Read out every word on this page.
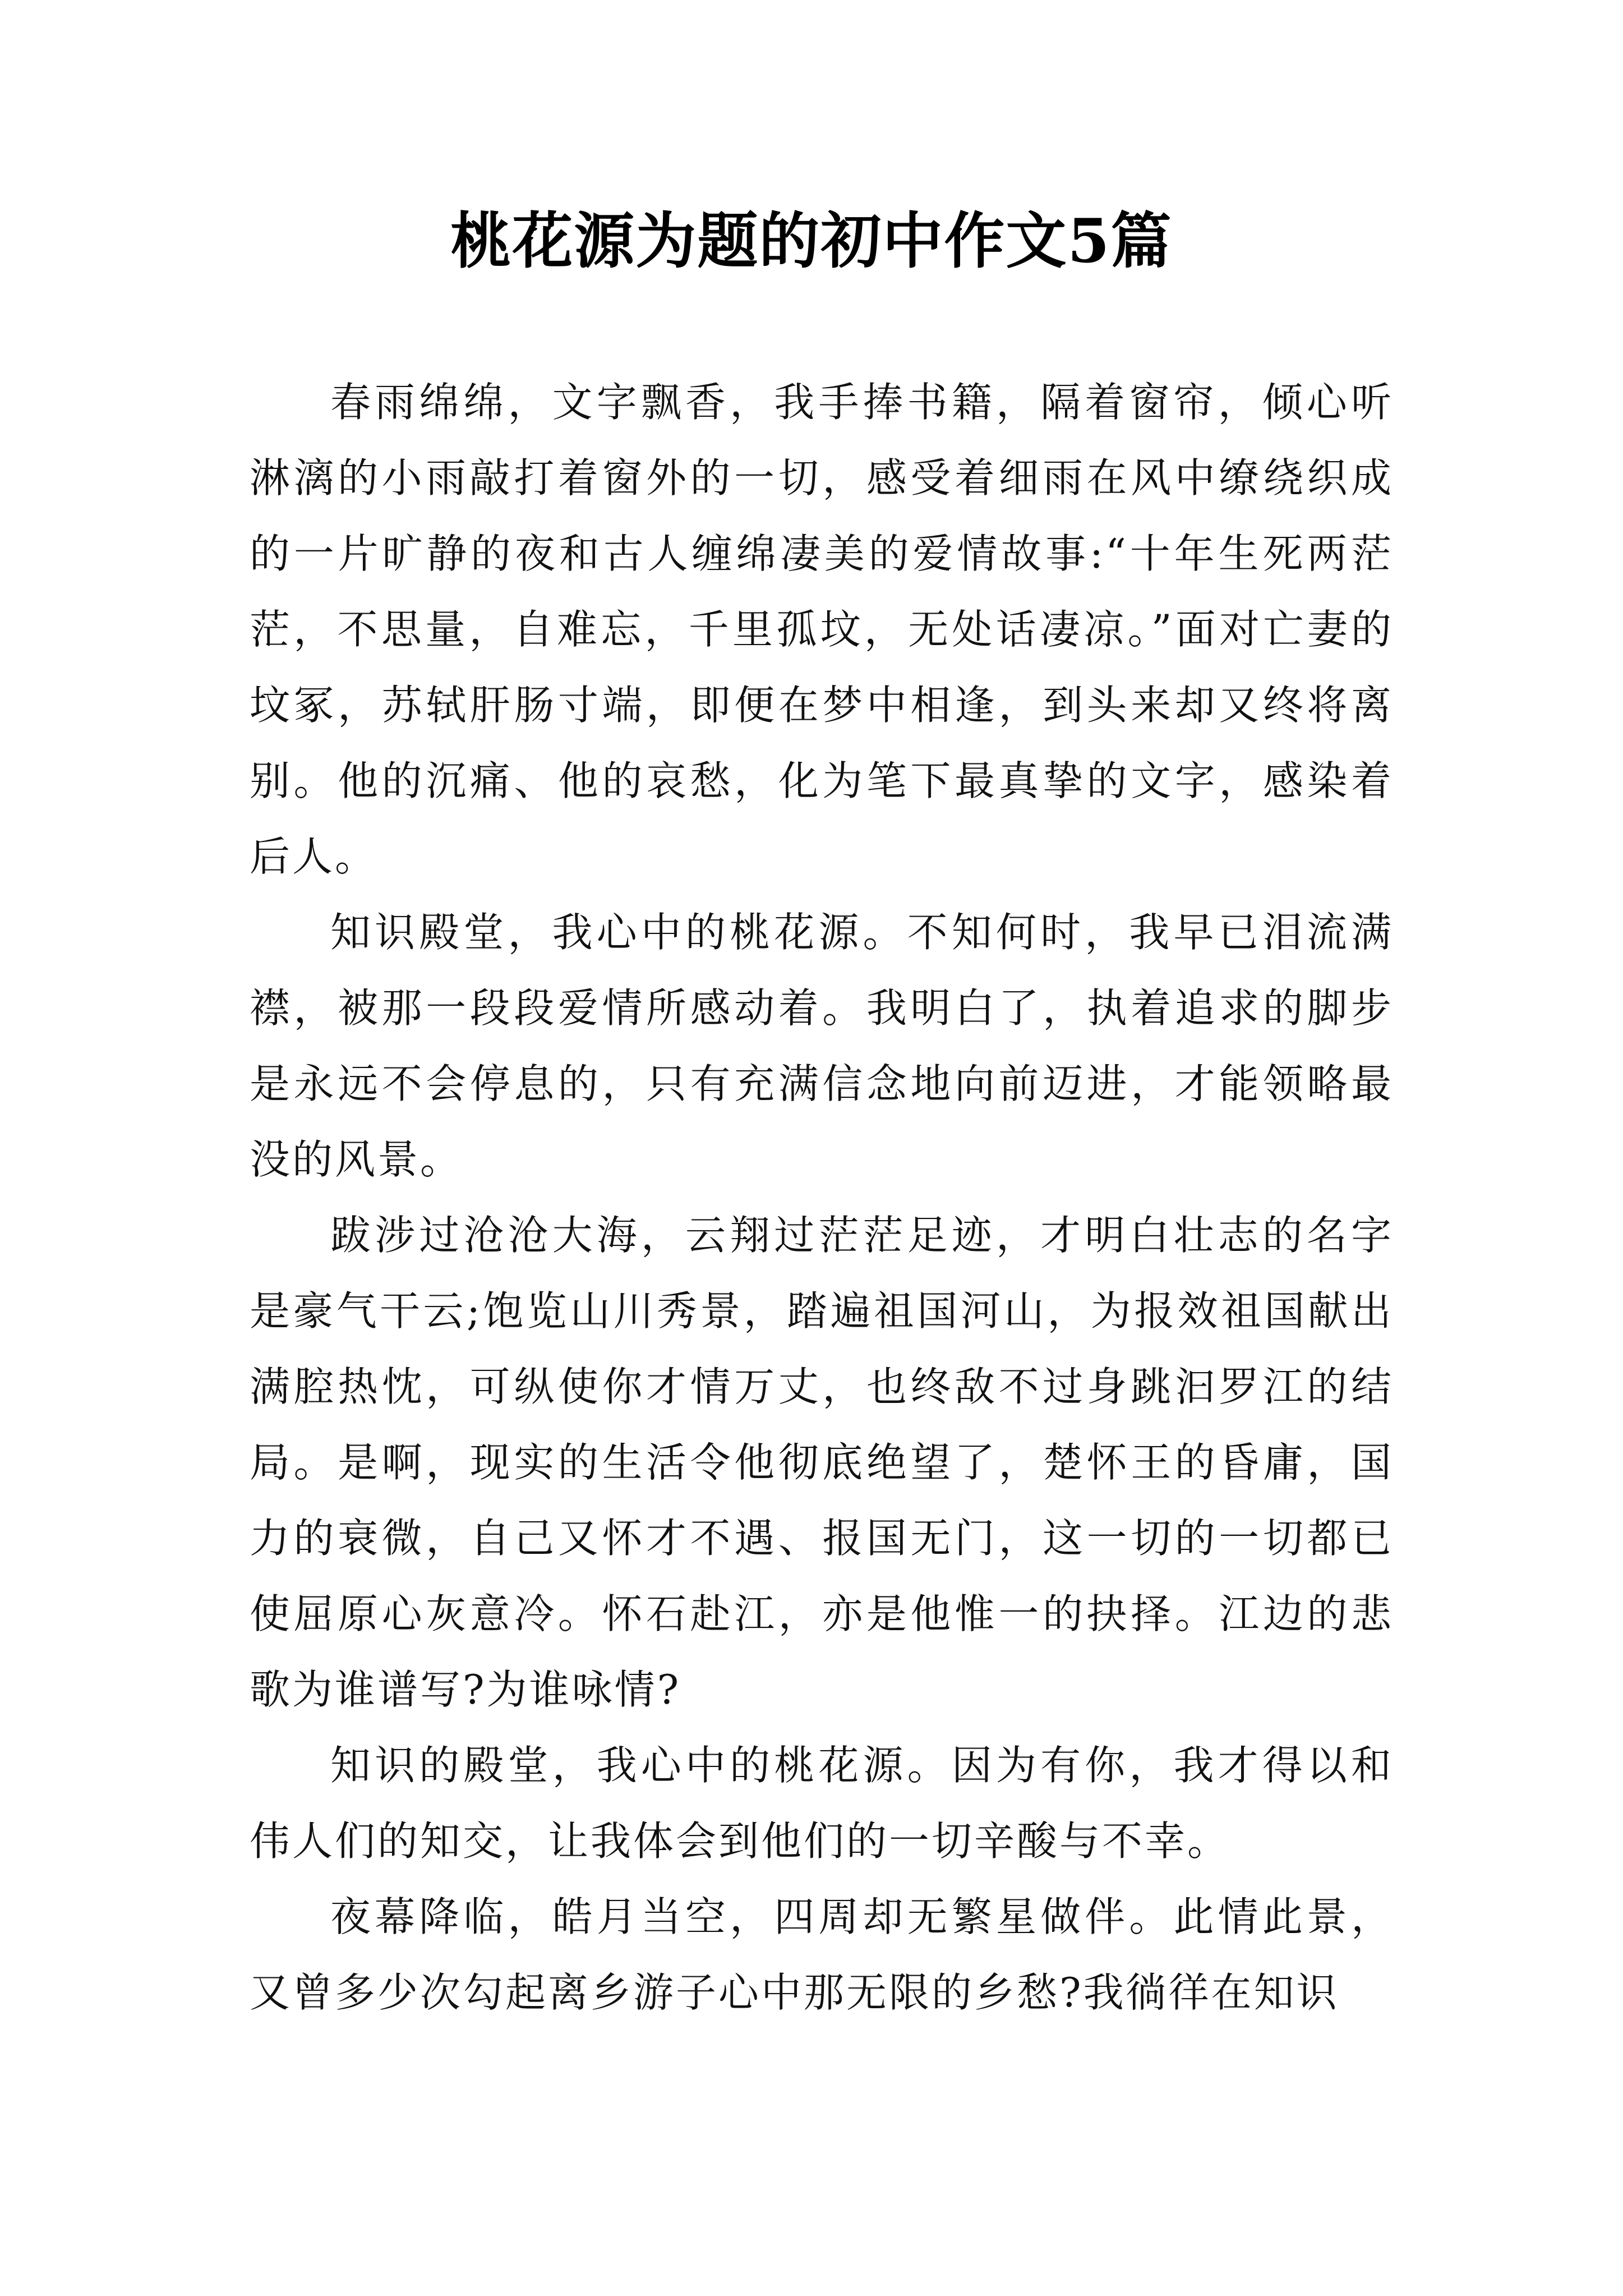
桃花源为题的初中作文5篇

春雨绵绵，文字飘香，我手捧书籍，隔着窗帘，倾心听淋漓的小雨敲打着窗外的一切，感受着细雨在风中缭绕织成的一片旷静的夜和古人缠绵凄美的爱情故事:“十年生死两茫茫，不思量，自难忘，千里孤坟，无处话凄凉。”面对亡妻的坟冢，苏轼肝肠寸端，即便在梦中相逢，到头来却又终将离别。他的沉痛、他的哀愁，化为笔下最真挚的文字，感染着后人。

知识殿堂，我心中的桃花源。不知何时，我早已泪流满襟，被那一段段爱情所感动着。我明白了，执着追求的脚步是永远不会停息的，只有充满信念地向前迈进，才能领略最没的风景。

跋涉过沧沧大海，云翔过茫茫足迹，才明白壮志的名字是豪气干云;饱览山川秀景，踏遍祖国河山，为报效祖国献出满腔热忱，可纵使你才情万丈，也终敌不过身跳汩罗江的结局。是啊，现实的生活令他彻底绝望了，楚怀王的昏庸，国力的衰微，自己又怀才不遇、报国无门，这一切的一切都已使屈原心灰意冷。怀石赴江，亦是他惟一的抉择。江边的悲歌为谁谱写?为谁咏情?

知识的殿堂，我心中的桃花源。因为有你，我才得以和伟人们的知交，让我体会到他们的一切辛酸与不幸。

夜幕降临，皓月当空，四周却无繁星做伴。此情此景，又曾多少次勾起离乡游子心中那无限的乡愁?我徜徉在知识
